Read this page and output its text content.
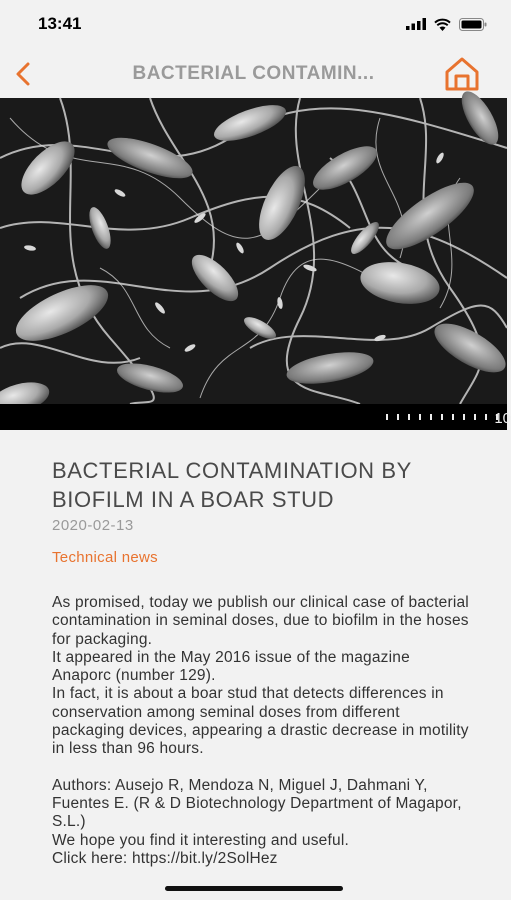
13:41
BACTERIAL CONTAMIN...
10
BACTERIAL CONTAMINATION BY BIOFILM IN A BOAR STUD
2020-02-13
Technical news

As promised, today we publish our clinical case of bacterial contamination in seminal doses, due to biofilm in the hoses for packaging.

It appeared in the May 2016 issue of the magazine Anaporc (number 129).

In fact, it is about a boar stud that detects differences in conservation among seminal doses from different packaging devices, appearing a drastic decrease in motility in less than 96 hours.

Authors: Ausejo R, Mendoza N, Miguel J, Dahmani Y, Fuentes E. (R & D Biotechnology Department of Magapor, S.L.)

We hope you find it interesting and useful.

Click here: https://bit.ly/2SolHez
